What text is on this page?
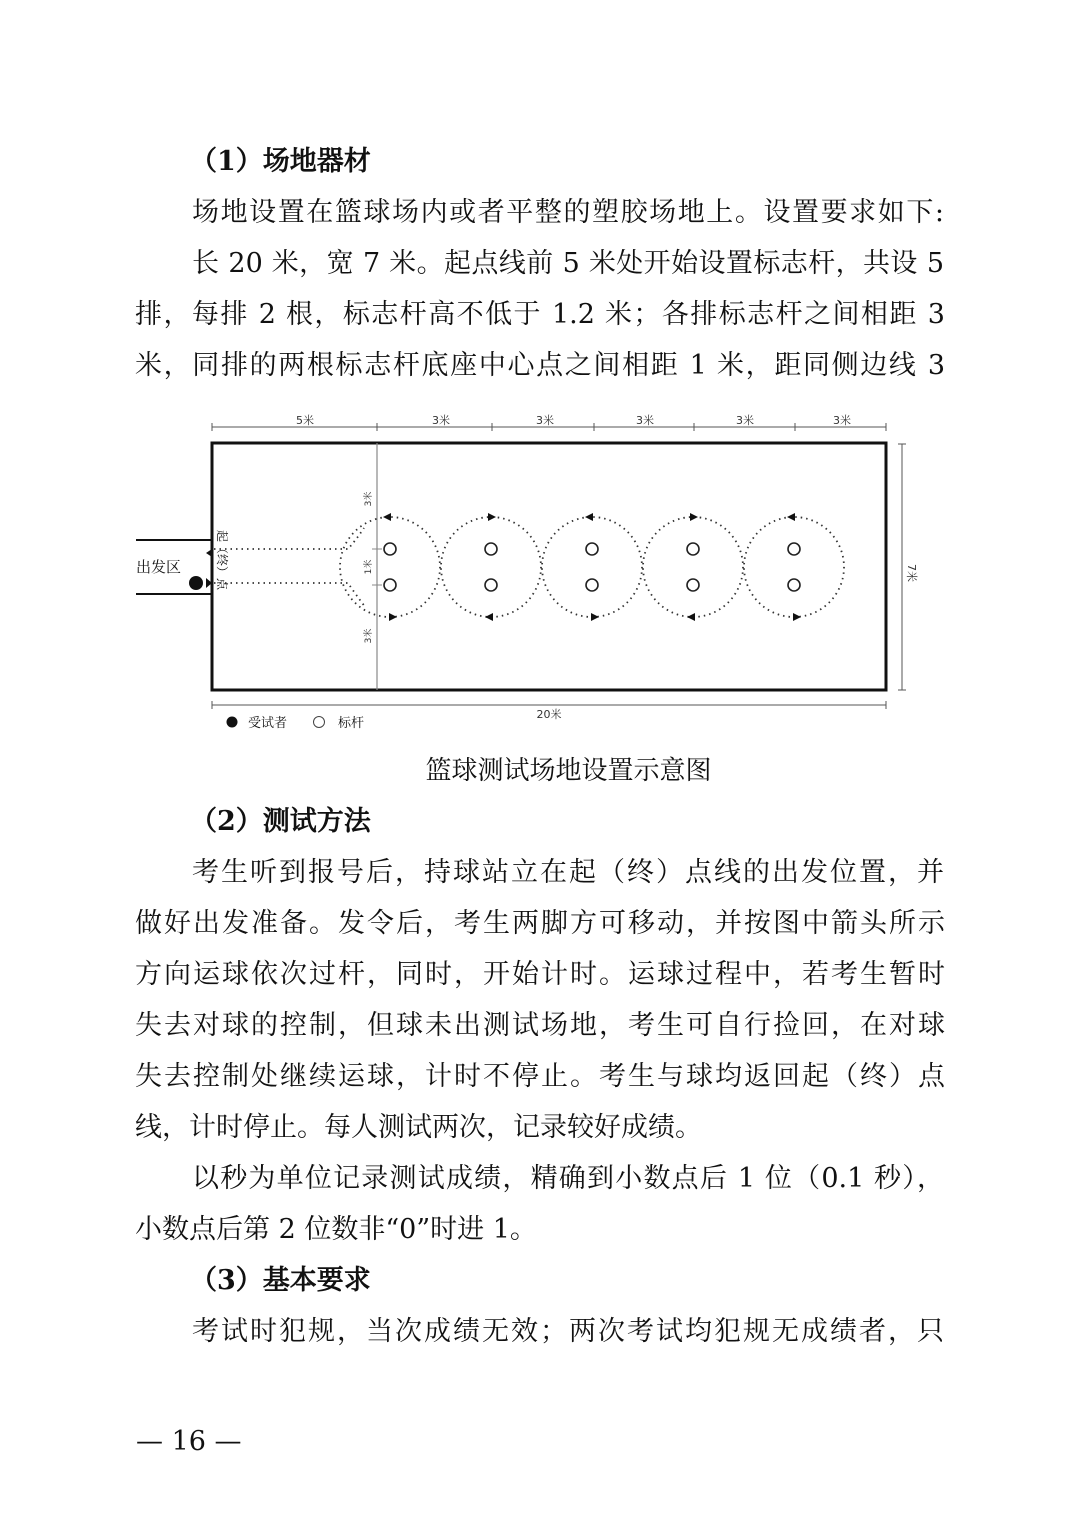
（1）场地器材
场地设置在篮球场内或者平整的塑胶场地上。设置要求如下:
长 20 米，宽 7 米。起点线前 5 米处开始设置标志杆，共设 5
排，每排 2 根，标志杆高不低于 1.2 米；各排标志杆之间相距 3
米，同排的两根标志杆底座中心点之间相距 1 米，距同侧边线 3
5米	3米	3米	3米	3米	3米
3米
1米
3米
出发区	起（终）点	7米
20米
受试者	标杆
篮球测试场地设置示意图
（2）测试方法
考生听到报号后，持球站立在起（终）点线的出发位置，并
做好出发准备。发令后，考生两脚方可移动，并按图中箭头所示
方向运球依次过杆，同时，开始计时。运球过程中，若考生暂时
失去对球的控制，但球未出测试场地，考生可自行捡回，在对球
失去控制处继续运球，计时不停止。考生与球均返回起（终）点
线，计时停止。每人测试两次，记录较好成绩。
以秒为单位记录测试成绩，精确到小数点后 1 位（0.1 秒），
小数点后第 2 位数非“0”时进 1。
（3）基本要求
考试时犯规，当次成绩无效；两次考试均犯规无成绩者，只
— 16 —
